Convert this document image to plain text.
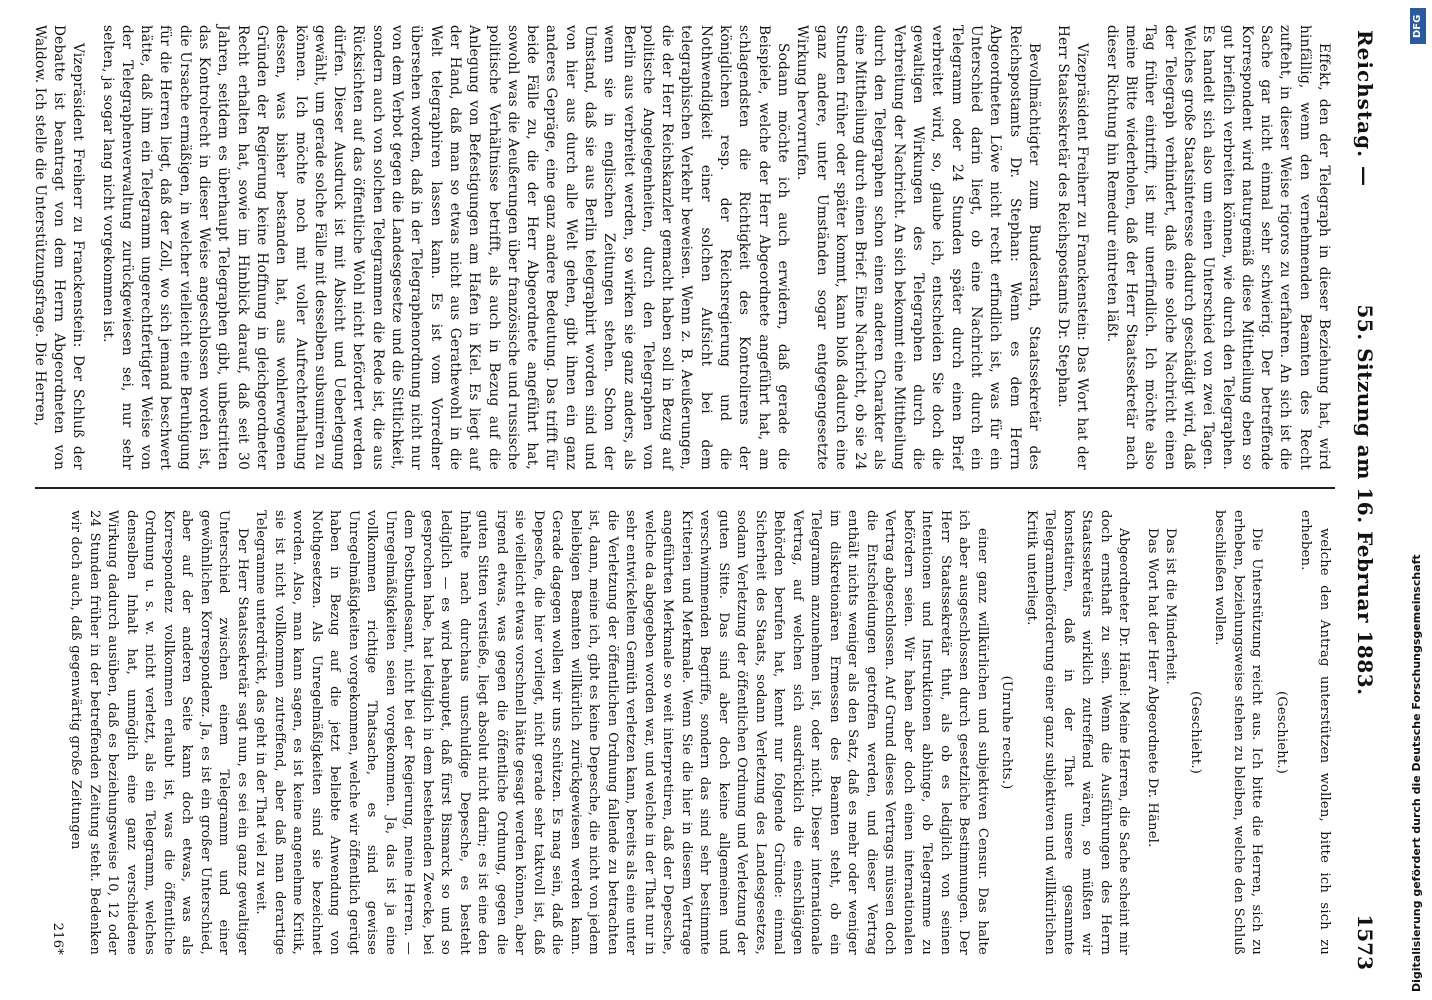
Reichstag. —
55. Sitzung am 16. Februar 1883.
1573

Effekt, den der Telegraph in dieser Beziehung hat, wird hinfällig, wenn den vernehmenden Beamten des Recht zufteht, in dieser Weise rigoros zu verfahren. An sich ist die Sache gar nicht einmal sehr schwierig. Der betreffende Korrespondent wird naturgemäß diese Mittheilung eben so gut brieflich verbreiten können, wie durch den Telegraphen. Es handelt sich also um einen Unterschied von zwei Tagen. Welches große Staatsinteresse dadurch geschädigt wird, daß der Telegraph verhindert, daß eine solche Nachricht einen Tag früher eintrifft, ist mir unerfindlich. Ich möchte also meine Bitte wiederholen, daß der Herr Staatssekretär nach dieser Richtung hin Remedur eintreten läßt.

Vizepräsident Freiherr zu Franckenstein: Das Wort hat der Herr Staatssekretär des Reichspostamts Dr. Stephan.

Bevollmächtigter zum Bundesrath, Staatssekretär des Reichspostamts Dr. Stephan: Wenn es dem Herrn Abgeordneten Löwe nicht recht erfindlich ist, was für ein Unterschied darin liegt, ob eine Nachricht durch ein Telegramm oder 24 Stunden später durch einen Brief verbreitet wird, so, glaube ich, entscheiden Sie doch die gewaltigen Wirkungen des Telegraphen durch die Verbreitung der Nachricht. An sich bekommt eine Mittheilung durch den Telegraphen schon einen anderen Charakter als eine Mittheilung durch einen Brief. Eine Nachricht, ob sie 24 Stunden früher oder später kommt, kann bloß dadurch eine ganz andere, unter Umständen sogar entgegengesetzte Wirkung hervorrufen.

Sodann möchte ich auch erwidern, daß gerade die Beispiele, welche der Herr Abgeordnete angeführt hat, am schlagendsten die Richtigkeit des Kontrolirens der königlichen resp. der Reichsregierung und die Nothwendigkeit einer solchen Aufsicht bei dem telegraphischen Verkehr beweisen. Wenn z. B. Aeußerungen, die der Herr Reichskanzler gemacht haben soll in Bezug auf politische Angelegenheiten, durch den Telegraphen von Berlin aus verbreitet werden, so wirken sie ganz anders, als wenn sie in englischen Zeitungen stehen. Schon der Umstand, daß sie aus Berlin telegraphirt worden sind und von hier aus durch alle Welt gehen, gibt ihnen ein ganz anderes Gepräge, eine ganz andere Bedeutung. Das trifft für beide Fälle zu, die der Herr Abgeordnete angeführt hat, sowohl was die Aeußerungen über französische und russische politische Verhältnisse betrifft, als auch in Bezug auf die Anlegung von Befestigungen am Hafen in Kiel. Es liegt auf der Hand, daß man so etwas nicht aus Gerathewohl in die Welt telegraphiren lassen kann. Es ist vom Vorredner übersehen worden, daß in der Telegraphenordnung nicht nur von dem Verbot gegen die Landesgesetze und die Sittlichkeit, sondern auch von solchen Telegrammen die Rede ist, die aus Rücksichten auf das öffentliche Wohl nicht befördert werden dürfen. Dieser Ausdruck ist mit Absicht und Ueberlegung gewählt, um gerade solche Fälle mit desselben subsumiren zu können. Ich möchte noch mit voller Aufrechterhaltung dessen, was bisher bestanden hat, aus wohlerwogenen Gründen der Regierung keine Hoffnung in gleichgeordneter Recht erhalten hat, sowie im Hinblick darauf, daß seit 30 Jahren, seitdem es überhaupt Telegraphen gibt, unbestritten das Kontrolrecht in dieser Weise angeschlossen worden ist, die Ursache ermäßigen, in welcher vielleicht eine Beruhigung für die Herren liegt, daß der Zoll, wo sich jemand beschwert hätte, daß ihm ein Telegramm ungerechtfertigter Weise von der Telegraphenverwaltung zurückgewiesen sei, nur sehr selten, ja sogar lang nicht vorgekommen ist.

Vizepräsident Freiherr zu Franckenstein: Der Schluß der Debatte ist beantragt von dem Herrn Abgeordneten von Waldow. Ich stelle die Unterstützungsfrage. Die Herren,

welche den Antrag unterstützen wollen, bitte ich sich zu erheben.

(Geschieht.)

Die Unterstützung reicht aus. Ich bitte die Herren, sich zu erheben, beziehungsweise stehen zu bleiben, welche den Schluß beschließen wollen.

(Geschieht.)

Das ist die Minderheit.

Das Wort hat der Herr Abgeordnete Dr. Hänel.

Abgeordneter Dr. Hänel: Meine Herren, die Sache scheint mir doch ernsthaft zu sein. Wenn die Ausführungen des Herrn Staatssekretärs wirklich zutreffend wären, so müßten wir konstatiren, daß in der That unsere gesammte Telegrammbeförderung einer ganz subjektiven und willkürlichen Kritik unterliegt.

(Unruhe rechts.)

einer ganz willkürlichen und subjektiven Censur. Das halte ich aber ausgeschlossen durch gesetzliche Bestimmungen. Der Herr Staatssekretär thut, als ob es lediglich von seinen Intentionen und Instruktionen abhinge, ob Telegramme zu befördern seien. Wir haben aber doch einen internationalen Vertrag abgeschlossen. Auf Grund dieses Vertrags müssen doch die Entscheidungen getroffen werden, und dieser Vertrag enthält nichts weniger als den Satz, daß es mehr oder weniger im diskretionären Ermessen des Beamten steht, ob ein Telegramm anzunehmen ist, oder nicht. Dieser internationale Vertrag, auf welchen sich ausdrücklich die einschlägigen Behörden berufen hat, kennt nur folgende Gründe: einmal Sicherheit des Staats, sodann Verletzung des Landesgesetzes, sodann Verletzung der öffentlichen Ordnung und Verletzung der guten Sitte. Das sind aber doch keine allgemeinen und verschwimmenden Begriffe, sondern das sind sehr bestimmte Kriterien und Merkmale. Wenn Sie die hier in diesem Vertrage angeführten Merkmale so weit interpretiren, daß der Depesche, welche da abgegeben worden war, und welche in der That nur in sehr entwickeltem Gemüth verletzen kann, bereits als eine unter die Verletzung der öffentlichen Ordnung fallende zu betrachten ist, dann, meine ich, gibt es keine Depesche, die nicht von jedem beliebigen Beamten willkürlich zurückgewiesen werden kann. Gerade dagegen wollen wir uns schützen. Es mag sein, daß die Depesche, die hier vorliegt, nicht gerade sehr taktvoll ist, daß sie vielleicht etwas vorschnell hätte gesagt werden können, aber irgend etwas, was gegen die öffentliche Ordnung, gegen die guten Sitten verstieße, liegt absolut nicht darin; es ist eine den Inhalte nach durchaus unschuldige Depesche, es besteht lediglich — es wird behauptet, daß fürst Bismarck so und so gesprochen habe, hat lediglich in dem bestehenden Zwecke, bei dem Postbundesamt, nicht bei der Regierung, meine Herren. — Unregelmäßigkeiten seien vorgekommen. Ja, das ist ja eine vollkommen richtige Thatsache, es sind gewisse Unregelmäßigkeiten vorgekommen, welche wir öffentlich gerügt haben in Bezug auf die jetzt beliebte Anwendung von Nothgesetzen. Als Unregelmäßigkeiten sind sie bezeichnet worden. Also, man kann sagen, es ist keine angenehme Kritik, sie ist nicht vollkommen zutreffend, aber daß man derartige Telegramme unterdrückt, das geht in der That viel zu weit.

Der Herr Staatssekretär sagt nun, es sei ein ganz gewaltiger Unterschied zwischen einem Telegramm und einer gewöhnlichen Korrespondenz. Ja, es ist ein großer Unterschied, aber auf der anderen Seite kann doch etwas, was als Korrespondenz vollkommen erlaubt ist, was die öffentliche Ordnung u. s. w. nicht verletzt, als ein Telegramm, welches denselben Inhalt hat, unmöglich eine ganz verschiedene Wirkung dadurch ausüben, daß es beziehungsweise 10, 12 oder 24 Stunden früher in der betreffenden Zeitung steht. Bedenken wir doch auch, daß gegenwärtig große Zeitungen

216*

DFG
Digitalisierung gefördert durch die Deutsche Forschungsgemeinschaft
